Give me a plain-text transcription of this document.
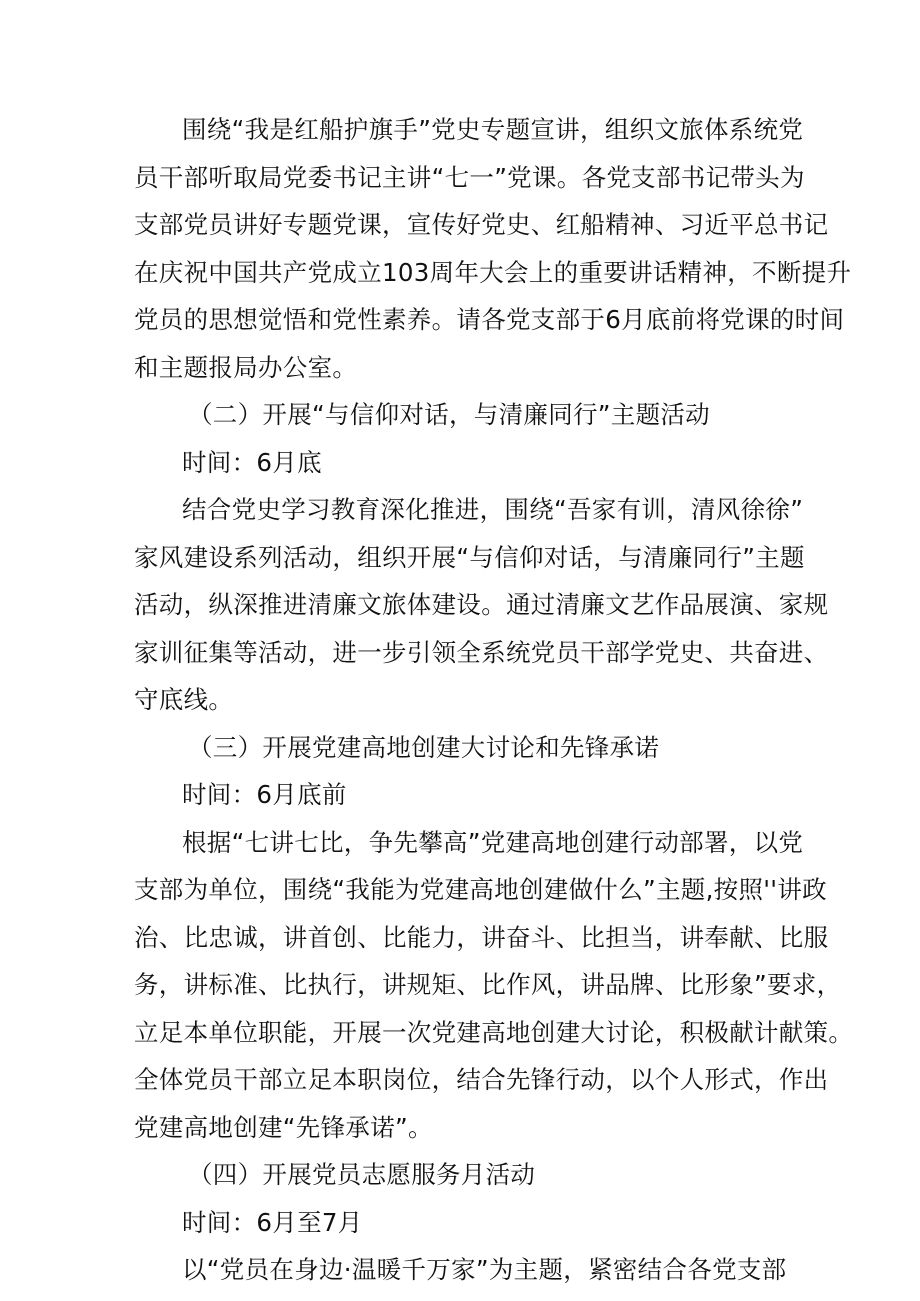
围绕“我是红船护旗手”党史专题宣讲，组织文旅体系统党
员干部听取局党委书记主讲“七一”党课。各党支部书记带头为
支部党员讲好专题党课，宣传好党史、红船精神、习近平总书记
在庆祝中国共产党成立103周年大会上的重要讲话精神，不断提升
党员的思想觉悟和党性素养。请各党支部于6月底前将党课的时间
和主题报局办公室。
（二）开展“与信仰对话，与清廉同行”主题活动
时间：6月底
结合党史学习教育深化推进，围绕“吾家有训，清风徐徐”
家风建设系列活动，组织开展“与信仰对话，与清廉同行”主题
活动，纵深推进清廉文旅体建设。通过清廉文艺作品展演、家规
家训征集等活动，进一步引领全系统党员干部学党史、共奋进、
守底线。
（三）开展党建高地创建大讨论和先锋承诺
时间：6月底前
根据“七讲七比，争先攀高”党建高地创建行动部署，以党
支部为单位，围绕“我能为党建高地创建做什么”主题,按照''讲政
治、比忠诚，讲首创、比能力，讲奋斗、比担当，讲奉献、比服
务，讲标准、比执行，讲规矩、比作风，讲品牌、比形象”要求，
立足本单位职能，开展一次党建高地创建大讨论，积极献计献策。
全体党员干部立足本职岗位，结合先锋行动，以个人形式，作出
党建高地创建“先锋承诺”。
（四）开展党员志愿服务月活动
时间：6月至7月
以“党员在身边·温暖千万家”为主题，紧密结合各党支部
